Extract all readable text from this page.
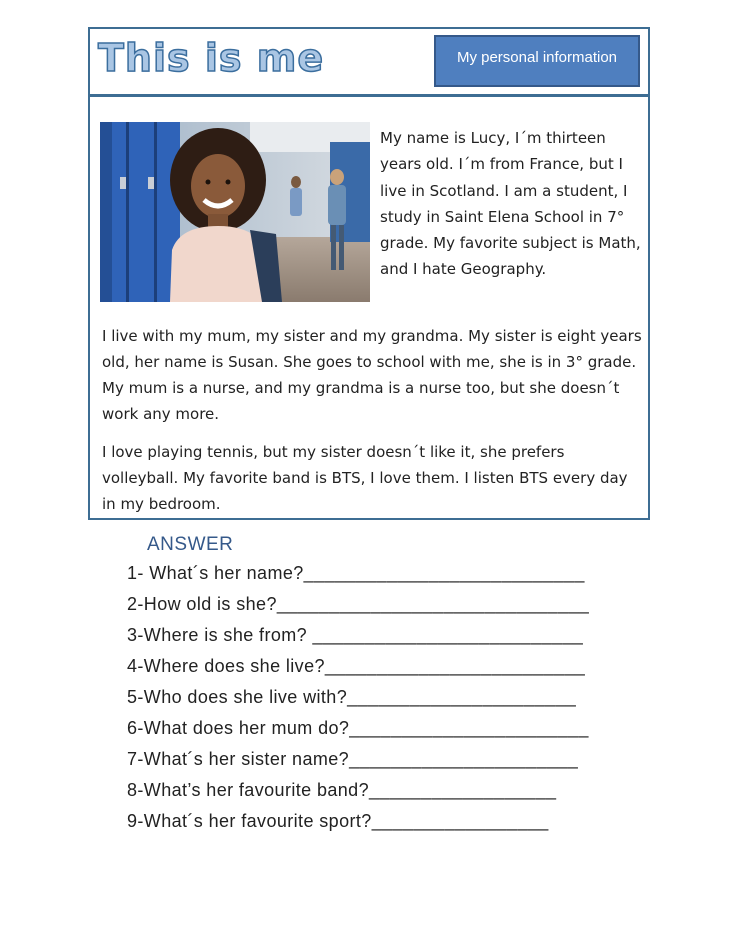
This is me	My personal information
My name is Lucy, I´m thirteen years old. I´m from France, but I live in Scotland. I am a student, I study in Saint Elena School in 7° grade. My favorite subject is Math, and I hate Geography.
I live with my mum, my sister and my grandma. My sister is eight years old, her name is Susan. She goes to school with me, she is in 3° grade. My mum is a nurse, and my grandma is a nurse too, but she doesn´t work any more.
I love playing tennis, but my sister doesn´t like it, she prefers volleyball. My favorite band is BTS, I love them. I listen BTS every day in my bedroom.
ANSWER
1- What´s her name?___________________________
2-How old is she?______________________________
3-Where is she from? __________________________
4-Where does she live?_________________________
5-Who does she live with?______________________
6-What does her mum do?_______________________
7-What´s her sister name?______________________
8-What’s her favourite band?__________________
9-What´s her favourite sport?_________________
